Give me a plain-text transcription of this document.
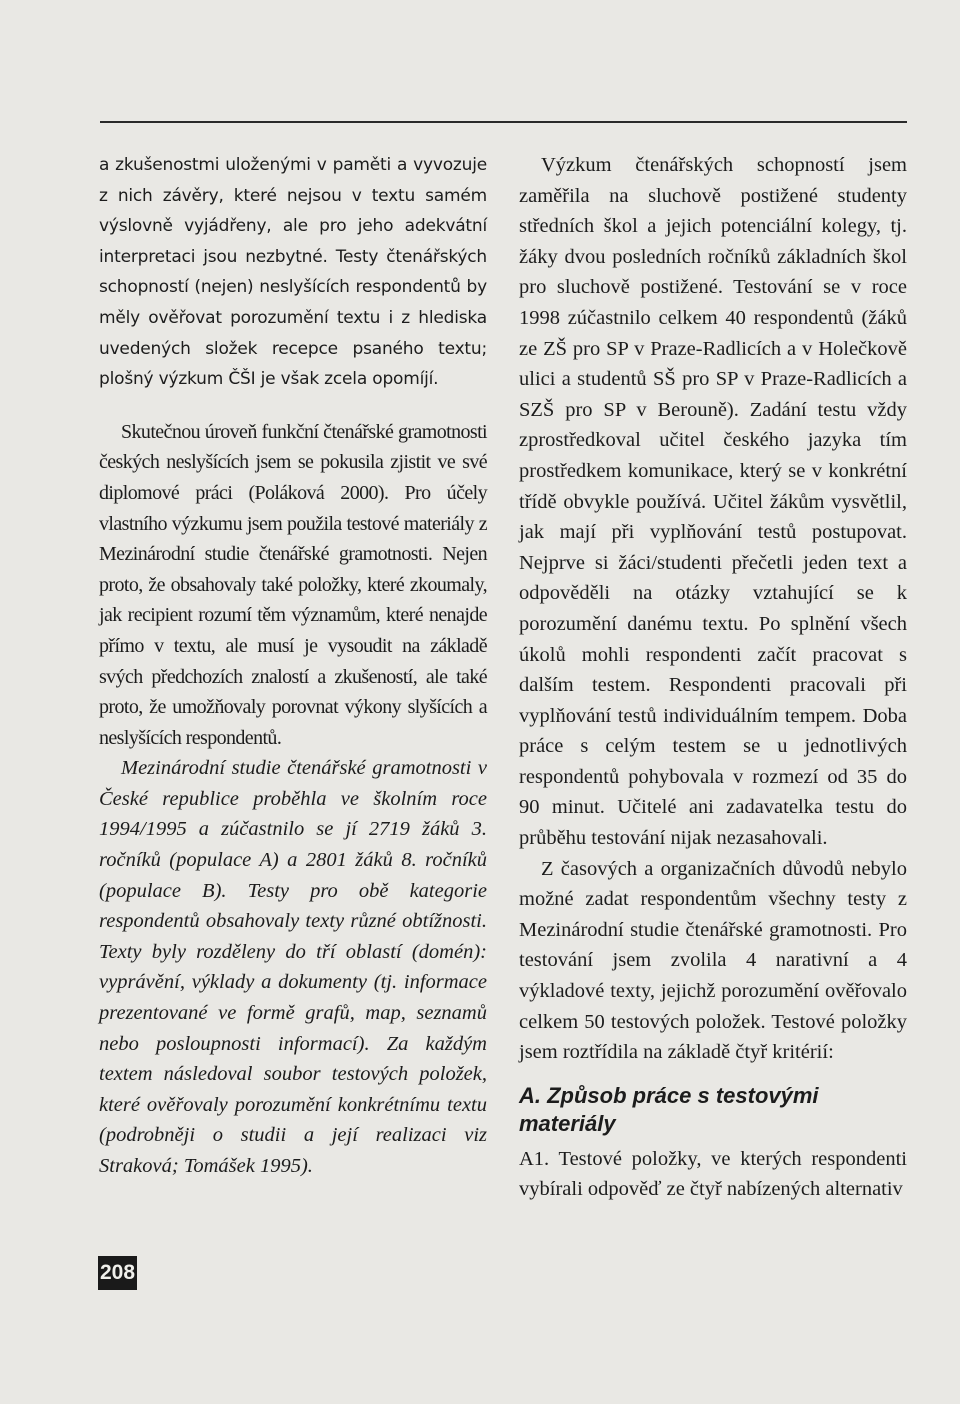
a zkušenostmi uloženými v paměti a vyvozuje z nich závěry, které nejsou v textu samém výslovně vyjádřeny, ale pro jeho adekvátní interpretaci jsou nezbytné. Testy čtenářských schopností (nejen) neslyšících respondentů by měly ověřovat porozumění textu i z hlediska uvedených složek recepce psaného textu; plošný výzkum ČŠI je však zcela opomíjí.

Skutečnou úroveň funkční čtenářské gramotnosti českých neslyšících jsem se pokusila zjistit ve své diplomové práci (Poláková 2000). Pro účely vlastního výzkumu jsem použila testové materiály z Mezinárodní studie čtenářské gramotnosti. Nejen proto, že obsahovaly také položky, které zkoumaly, jak recipient rozumí těm významům, které nenajde přímo v textu, ale musí je vysoudit na základě svých předchozích znalostí a zkušeností, ale také proto, že umožňovaly porovnat výkony slyšících a neslyšících respondentů.

Mezinárodní studie čtenářské gramotnosti v České republice proběhla ve školním roce 1994/1995 a zúčastnilo se jí 2719 žáků 3. ročníků (populace A) a 2801 žáků 8. ročníků (populace B). Testy pro obě kategorie respondentů obsahovaly texty různé obtížnosti. Texty byly rozděleny do tří oblastí (domén): vyprávění, výklady a dokumenty (tj. informace prezentované ve formě grafů, map, seznamů nebo posloupnosti informací). Za každým textem následoval soubor testových položek, které ověřovaly porozumění konkrétnímu textu (podrobněji o studii a její realizaci viz Straková; Tomášek 1995).

Výzkum čtenářských schopností jsem zaměřila na sluchově postižené studenty středních škol a jejich potenciální kolegy, tj. žáky dvou posledních ročníků základních škol pro sluchově postižené. Testování se v roce 1998 zúčastnilo celkem 40 respondentů (žáků ze ZŠ pro SP v Praze-Radlicích a v Holečkově ulici a studentů SŠ pro SP v Praze-Radlicích a SZŠ pro SP v Berouně). Zadání testu vždy zprostředkoval učitel českého jazyka tím prostředkem komunikace, který se v konkrétní třídě obvykle používá. Učitel žákům vysvětlil, jak mají při vyplňování testů postupovat. Nejprve si žáci/studenti přečetli jeden text a odpověděli na otázky vztahující se k porozumění danému textu. Po splnění všech úkolů mohli respondenti začít pracovat s dalším testem. Respondenti pracovali při vyplňování testů individuálním tempem. Doba práce s celým testem se u jednotlivých respondentů pohybovala v rozmezí od 35 do 90 minut. Učitelé ani zadavatelka testu do průběhu testování nijak nezasahovali.

Z časových a organizačních důvodů nebylo možné zadat respondentům všechny testy z Mezinárodní studie čtenářské gramotnosti. Pro testování jsem zvolila 4 narativní a 4 výkladové texty, jejichž porozumění ověřovalo celkem 50 testových položek. Testové položky jsem roztřídila na základě čtyř kritérií:

A. Způsob práce s testovými materiály

A1. Testové položky, ve kterých respondenti vybírali odpověď ze čtyř nabízených alternativ

208
